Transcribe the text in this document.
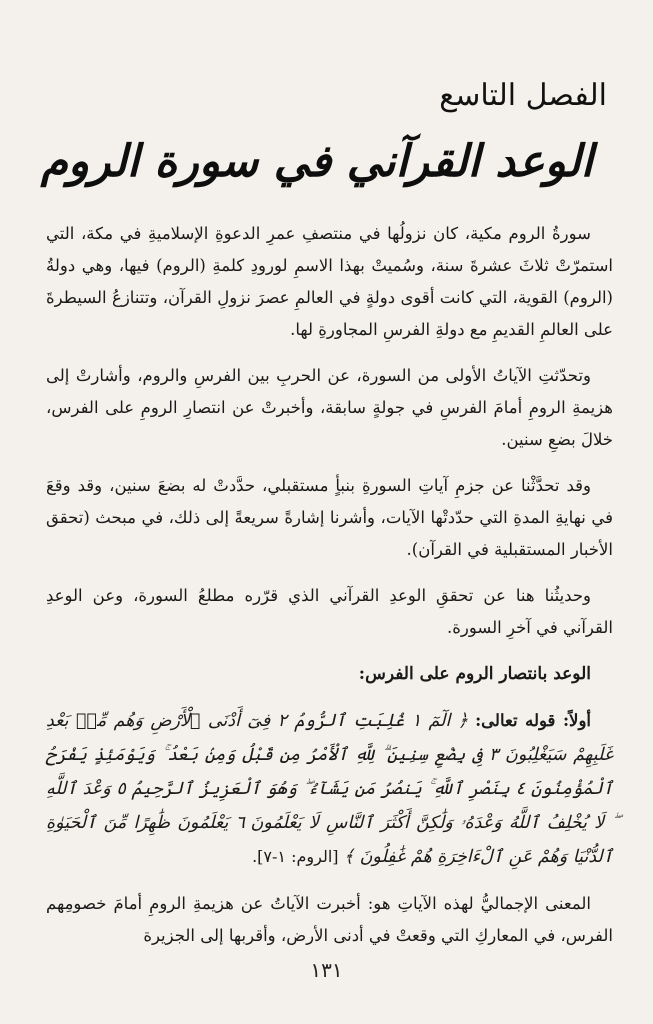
الفصل التاسع
الوعد القرآني في سورة الروم

سورةُ الروم مكية، كان نزولُها في منتصفِ عمرِ الدعوةِ الإسلاميةِ في مكة، التي استمرّتْ ثلاثَ عشرةَ سنة، وسُميتْ بهذا الاسمِ لورودِ كلمةِ (الروم) فيها، وهي دولةُ (الروم) القوية، التي كانت أقوى دولةٍ في العالمِ عصرَ نزولِ القرآن، وتتنازعُ السيطرةَ على العالمِ القديمِ مع دولةِ الفرسِ المجاورةِ لها.

وتحدّثتِ الآياتُ الأولى من السورة، عن الحربِ بين الفرسِ والروم، وأشارتْ إلى هزيمةِ الرومِ أمامَ الفرسِ في جولةٍ سابقة، وأخبرتْ عن انتصارِ الرومِ على الفرس، خلالَ بضعِ سنين.

وقد تحدَّثْنا عن جزمِ آياتِ السورةِ بنبأٍ مستقبلي، حدَّدتْ له بضعَ سنين، وقد وقعَ في نهايةِ المدةِ التي حدّدتْها الآيات، وأشرنا إشارةً سريعةً إلى ذلك، في مبحث (تحقق الأخبار المستقبلية في القرآن).

وحديثُنا هنا عن تحققِ الوعدِ القرآني الذي قرّره مطلعُ السورة، وعن الوعدِ القرآني في آخرِ السورة.

الوعد بانتصار الروم على الفرس:

أولاً: قوله تعالى: ﴿ الٓمٓ ١ غُلِبَتِ ٱلرُّومُ ٢ فِىٓ أَدْنَى ٱلْأَرْضِ وَهُم مِّنۢ بَعْدِ غَلَبِهِمْ سَيَغْلِبُونَ ٣ فِى بِضْعِ سِنِينَ ۗ لِلَّهِ ٱلْأَمْرُ مِن قَبْلُ وَمِنۢ بَعْدُ ۚ وَيَوْمَئِذٍ يَفْرَحُ ٱلْمُؤْمِنُونَ ٤ بِنَصْرِ ٱللَّهِ ۚ يَنصُرُ مَن يَشَآءُ ۖ وَهُوَ ٱلْعَزِيزُ ٱلرَّحِيمُ ٥ وَعْدَ ٱللَّهِ ۖ لَا يُخْلِفُ ٱللَّهُ وَعْدَهُۥ وَلَٰكِنَّ أَكْثَرَ ٱلنَّاسِ لَا يَعْلَمُونَ ٦ يَعْلَمُونَ ظَٰهِرًا مِّنَ ٱلْحَيَوٰةِ ٱلدُّنْيَا وَهُمْ عَنِ ٱلْءَاخِرَةِ هُمْ غَٰفِلُونَ ﴾ [الروم: ١-٧].

المعنى الإجماليُّ لهذه الآياتِ هو: أخبرت الآياتُ عن هزيمةِ الرومِ أمامَ خصومِهم الفرس، في المعاركِ التي وقعتْ في أدنى الأرض، وأقربها إلى الجزيرة

١٣١
